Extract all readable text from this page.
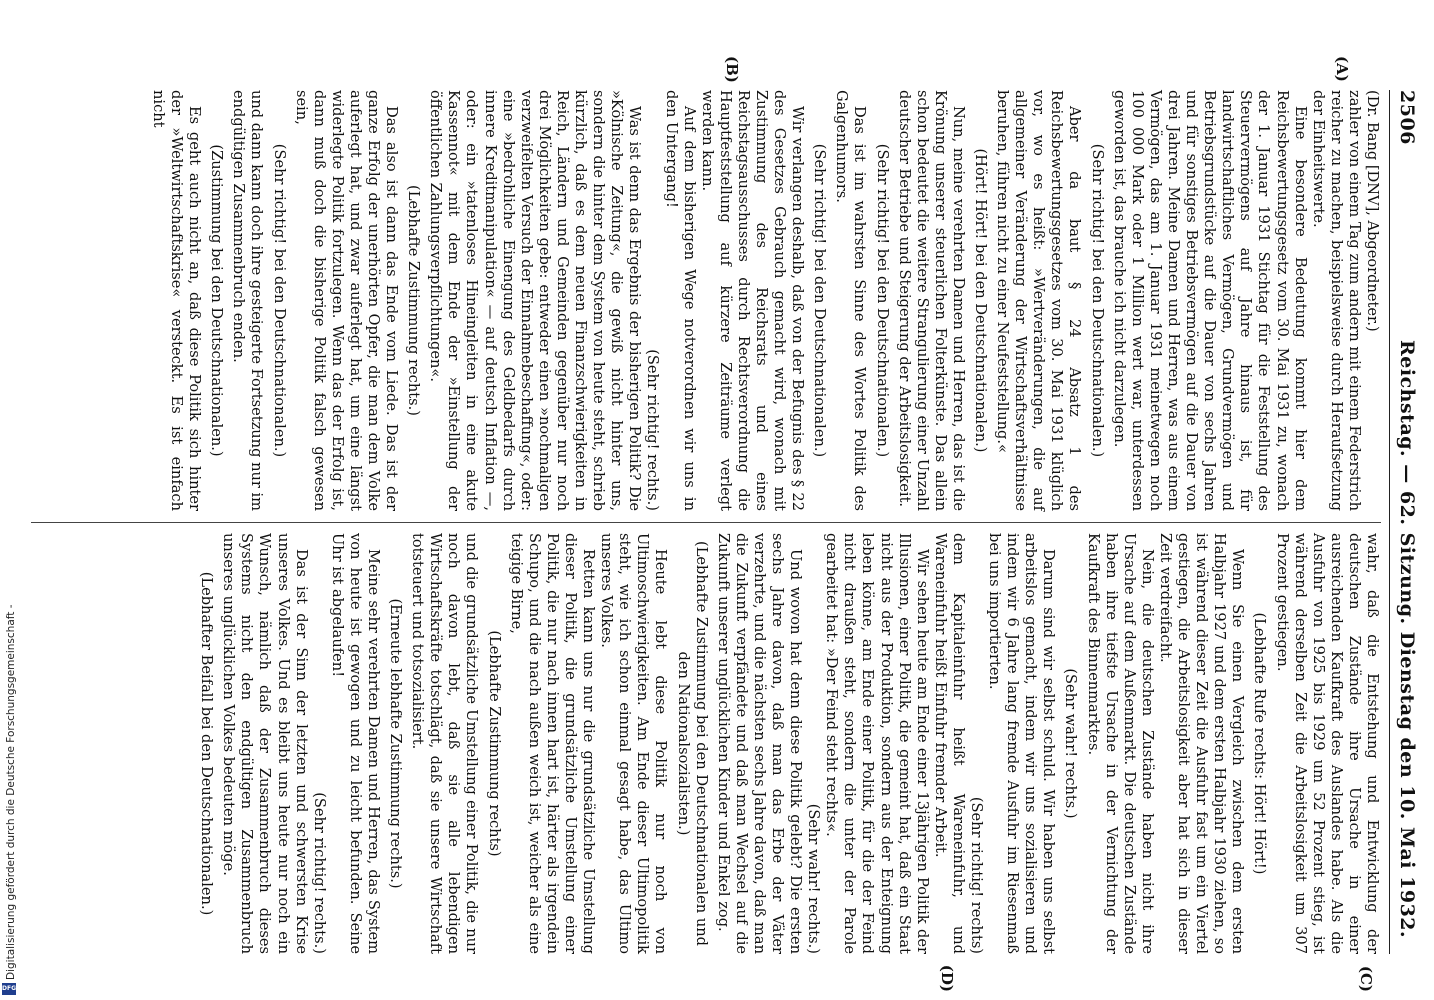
2506
Reichstag. — 62. Sitzung. Dienstag den 10. Mai 1932.
(A)
(B)

(Dr. Bang [DNV], Abgeordneter.)

zahler von einem Tag zum andern mit einem Federstrich reicher zu machen, beispielsweise durch Heraufsetzung der Einheitswerte.

Eine besondere Bedeutung kommt hier dem Reichsbewertungsgesetz vom 30. Mai 1931 zu, wonach der 1. Januar 1931 Stichtag für die Feststellung des Steuervermögens auf Jahre hinaus ist, für landwirtschaftliches Vermögen, Grundvermögen und Betriebsgrundstücke auf die Dauer von sechs Jahren und für sonstiges Betriebsvermögen auf die Dauer von drei Jahren. Meine Damen und Herren, was aus einem Vermögen, das am 1. Januar 1931 meinetwegen noch 100 000 Mark oder 1 Million wert war, unterdessen geworden ist, das brauche ich nicht darzulegen.

(Sehr richtig! bei den Deutschnationalen.)

Aber da baut § 24 Absatz 1 des Reichsbewertungsgesetzes vom 30. Mai 1931 klüglich vor, wo es heißt: »Wertveränderungen, die auf allgemeiner Veränderung der Wirtschaftsverhältnisse beruhen, führen nicht zu einer Neufeststellung.«

(Hört! Hört! bei den Deutschnationalen.)

Nun, meine verehrten Damen und Herren, das ist die Krönung unserer steuerlichen Folterkünste. Das allein schon bedeutet die weitere Strangulierung einer Unzahl deutscher Betriebe und Steigerung der Arbeitslosigkeit.

(Sehr richtig! bei den Deutschnationalen.)

Das ist im wahrsten Sinne des Wortes Politik des Galgenhumors.

(Sehr richtig! bei den Deutschnationalen.)

Wir verlangen deshalb, daß von der Befugnis des § 22 des Gesetzes Gebrauch gemacht wird, wonach mit Zustimmung des Reichsrats und eines Reichstagsausschusses durch Rechtsverordnung die Hauptfeststellung auf kürzere Zeiträume verlegt werden kann.

Auf dem bisherigen Wege notverordnen wir uns in den Untergang!

(Sehr richtig! rechts.)

Was ist denn das Ergebnis der bisherigen Politik? Die »Kölnische Zeitung«, die gewiß nicht hinter uns, sondern die hinter dem System von heute steht, schrieb kürzlich, daß es dem neuen Finanzschwierigkeiten in Reich, Ländern und Gemeinden gegenüber nur noch drei Möglichkeiten gebe: entweder einen »nochmaligen verzweifelten Versuch der Einnahmebeschaffung«, oder: eine »bedrohliche Einengung des Geldbedarfs durch innere Kreditmanipulation« — auf deutsch Inflation —, oder: ein »tatenloses Hineingleiten in eine akute Kassennot« mit dem Ende der »Einstellung der öffentlichen Zahlungsverpflichtungen«.

(Lebhafte Zustimmung rechts.)

Das also ist dann das Ende vom Liede. Das ist der ganze Erfolg der unerhörten Opfer, die man dem Volke auferlegt hat, und zwar auferlegt hat, um eine längst widerlegte Politik fortzulegen. Wenn das der Erfolg ist, dann muß doch die bisherige Politik falsch gewesen sein,

(Sehr richtig! bei den Deutschnationalen.)

und dann kann doch ihre gesteigerte Fortsetzung nur im endgültigen Zusammenbruch enden.

(Zustimmung bei den Deutschnationalen.)

Es geht auch nicht an, daß diese Politik sich hinter der »Weltwirtschaftskrise« versteckt. Es ist einfach nicht

(C)
(D)

wahr, daß die Entstehung und Entwicklung der deutschen Zustände ihre Ursache in einer ausreichenden Kaufkraft des Auslandes habe. Als die Ausfuhr von 1925 bis 1929 um 52 Prozent stieg, ist während derselben Zeit die Arbeitslosigkeit um 307 Prozent gestiegen.

(Lebhafte Rufe rechts: Hört! Hört!)

Wenn Sie einen Vergleich zwischen dem ersten Halbjahr 1927 und dem ersten Halbjahr 1930 ziehen, so ist während dieser Zeit die Ausfuhr fast um ein Viertel gestiegen, die Arbeitslosigkeit aber hat sich in dieser Zeit verdreifacht.

Nein, die deutschen Zustände haben nicht ihre Ursache auf dem Außenmarkt. Die deutschen Zustände haben ihre tiefste Ursache in der Vernichtung der Kaufkraft des Binnenmarktes.

(Sehr wahr! rechts.)

Darum sind wir selbst schuld. Wir haben uns selbst arbeitslos gemacht, indem wir uns sozialisieren und indem wir 6 Jahre lang fremde Ausfuhr im Riesenmaß bei uns importierten.

(Sehr richtig! rechts)

dem Kapitaleinfuhr heißt Wareneinfuhr, und Wareneinfuhr heißt Einfuhr fremder Arbeit.

Wir sehen heute am Ende einer 13jährigen Politik der Illusionen, einer Politik, die gemeint hat, daß ein Staat nicht aus der Produktion, sondern aus der Enteignung leben könne, am Ende einer Politik, für die der Feind nicht draußen steht, sondern die unter der Parole gearbeitet hat: »Der Feind steht rechts«.

(Sehr wahr! rechts.)

Und wovon hat denn diese Politik gelebt? Die ersten sechs Jahre davon, daß man das Erbe der Väter verzehrte, und die nächsten sechs Jahre davon, daß man die Zukunft verpfändete und daß man Wechsel auf die Zukunft unserer unglücklichen Kinder und Enkel zog.

(Lebhafte Zustimmung bei den Deutschnationalen und den Nationalsozialisten.)

Heute lebt diese Politik nur noch von Ultimoschwierigkeiten. Am Ende dieser Ultimopolitik steht, wie ich schon einmal gesagt habe, das Ultimo unseres Volkes.

Retten kann uns nur die grundsätzliche Umstellung dieser Politik, die grundsätzliche Umstellung einer Politik, die nur nach innen hart ist, härter als irgendein Schupo, und die nach außen weich ist, weicher als eine teigige Birne,

(Lebhafte Zustimmung rechts)

und die grundsätzliche Umstellung einer Politik, die nur noch davon lebt, daß sie alle lebendigen Wirtschaftskräfte totschlägt, daß sie unsere Wirtschaft totsteuert und totsozialisiert.

(Erneute lebhafte Zustimmung rechts.)

Meine sehr verehrten Damen und Herren, das System von heute ist gewogen und zu leicht befunden. Seine Uhr ist abgelaufen!

(Sehr richtig! rechts.)

Das ist der Sinn der letzten und schwersten Krise unseres Volkes. Und es bleibt uns heute nur noch ein Wunsch, nämlich daß der Zusammenbruch dieses Systems nicht den endgültigen Zusammenbruch unseres unglücklichen Volkes bedeuten möge.

(Lebhafter Beifall bei den Deutschnationalen.)

Digitalisierung gefördert durch die Deutsche Forschungsgemeinschaft -
DFG
